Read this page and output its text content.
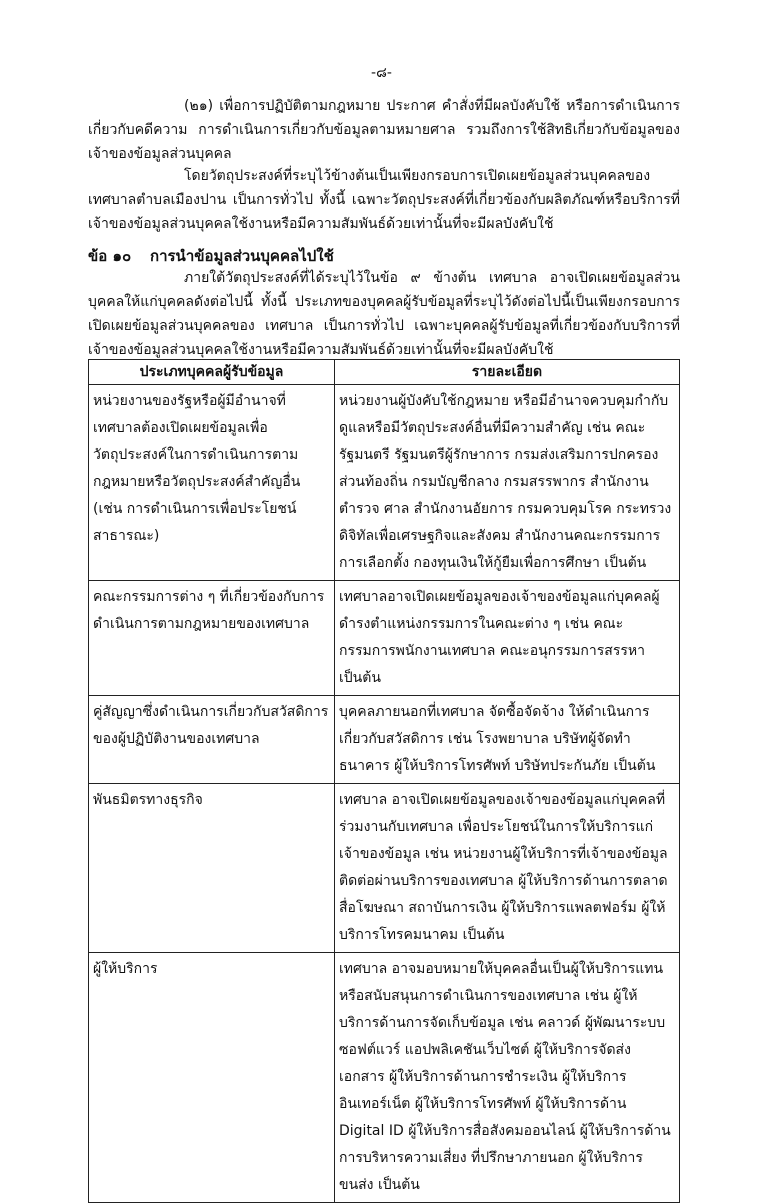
-๘-

(๒๑) เพื่อการปฏิบัติตามกฎหมาย ประกาศ คำสั่งที่มีผลบังคับใช้ หรือการดำเนินการเกี่ยวกับคดีความ การดำเนินการเกี่ยวกับข้อมูลตามหมายศาล รวมถึงการใช้สิทธิเกี่ยวกับข้อมูลของเจ้าของข้อมูลส่วนบุคคล

โดยวัตถุประสงค์ที่ระบุไว้ข้างต้นเป็นเพียงกรอบการเปิดเผยข้อมูลส่วนบุคคลของเทศบาลตำบลเมืองปาน เป็นการทั่วไป ทั้งนี้ เฉพาะวัตถุประสงค์ที่เกี่ยวข้องกับผลิตภัณฑ์หรือบริการที่เจ้าของข้อมูลส่วนบุคคลใช้งานหรือมีความสัมพันธ์ด้วยเท่านั้นที่จะมีผลบังคับใช้

ข้อ ๑๐ การนำข้อมูลส่วนบุคคลไปใช้

ภายใต้วัตถุประสงค์ที่ได้ระบุไว้ในข้อ ๙ ข้างต้น เทศบาล อาจเปิดเผยข้อมูลส่วนบุคคลให้แก่บุคคลดังต่อไปนี้ ทั้งนี้ ประเภทของบุคคลผู้รับข้อมูลที่ระบุไว้ดังต่อไปนี้เป็นเพียงกรอบการเปิดเผยข้อมูลส่วนบุคคลของ เทศบาล เป็นการทั่วไป เฉพาะบุคคลผู้รับข้อมูลที่เกี่ยวข้องกับบริการที่เจ้าของข้อมูลส่วนบุคคลใช้งานหรือมีความสัมพันธ์ด้วยเท่านั้นที่จะมีผลบังคับใช้

ประเภทบุคคลผู้รับข้อมูล	รายละเอียด
หน่วยงานของรัฐหรือผู้มีอำนาจที่เทศบาลต้องเปิดเผยข้อมูลเพื่อวัตถุประสงค์ในการดำเนินการตามกฎหมายหรือวัตถุประสงค์สำคัญอื่น (เช่น การดำเนินการเพื่อประโยชน์สาธารณะ)	หน่วยงานผู้บังคับใช้กฎหมาย หรือมีอำนาจควบคุมกำกับดูแลหรือมีวัตถุประสงค์อื่นที่มีความสำคัญ เช่น คณะรัฐมนตรี รัฐมนตรีผู้รักษาการ กรมส่งเสริมการปกครองส่วนท้องถิ่น กรมบัญชีกลาง กรมสรรพากร สำนักงานตำรวจ ศาล สำนักงานอัยการ กรมควบคุมโรค กระทรวงดิจิทัลเพื่อเศรษฐกิจและสังคม สำนักงานคณะกรรมการการเลือกตั้ง กองทุนเงินให้กู้ยืมเพื่อการศึกษา เป็นต้น
คณะกรรมการต่าง ๆ ที่เกี่ยวข้องกับการดำเนินการตามกฎหมายของเทศบาล	เทศบาลอาจเปิดเผยข้อมูลของเจ้าของข้อมูลแก่บุคคลผู้ดำรงตำแหน่งกรรมการในคณะต่าง ๆ เช่น คณะกรรมการพนักงานเทศบาล คณะอนุกรรมการสรรหา เป็นต้น
คู่สัญญาซึ่งดำเนินการเกี่ยวกับสวัสดิการของผู้ปฏิบัติงานของเทศบาล	บุคคลภายนอกที่เทศบาล จัดซื้อจัดจ้าง ให้ดำเนินการเกี่ยวกับสวัสดิการ เช่น โรงพยาบาล บริษัทผู้จัดทำ ธนาคาร ผู้ให้บริการโทรศัพท์ บริษัทประกันภัย เป็นต้น
พันธมิตรทางธุรกิจ	เทศบาล อาจเปิดเผยข้อมูลของเจ้าของข้อมูลแก่บุคคลที่ร่วมงานกับเทศบาล เพื่อประโยชน์ในการให้บริการแก่เจ้าของข้อมูล เช่น หน่วยงานผู้ให้บริการที่เจ้าของข้อมูลติดต่อผ่านบริการของเทศบาล ผู้ให้บริการด้านการตลาด สื่อโฆษณา สถาบันการเงิน ผู้ให้บริการแพลตฟอร์ม ผู้ให้บริการโทรคมนาคม เป็นต้น
ผู้ให้บริการ	เทศบาล อาจมอบหมายให้บุคคลอื่นเป็นผู้ให้บริการแทน หรือสนับสนุนการดำเนินการของเทศบาล เช่น ผู้ให้บริการด้านการจัดเก็บข้อมูล เช่น คลาวด์ ผู้พัฒนาระบบซอฟต์แวร์ แอปพลิเคชันเว็บไซต์ ผู้ให้บริการจัดส่งเอกสาร ผู้ให้บริการด้านการชำระเงิน ผู้ให้บริการอินเทอร์เน็ต ผู้ให้บริการโทรศัพท์ ผู้ให้บริการด้าน Digital ID ผู้ให้บริการสื่อสังคมออนไลน์ ผู้ให้บริการด้านการบริหารความเสี่ยง ที่ปรึกษาภายนอก ผู้ให้บริการขนส่ง เป็นต้น
